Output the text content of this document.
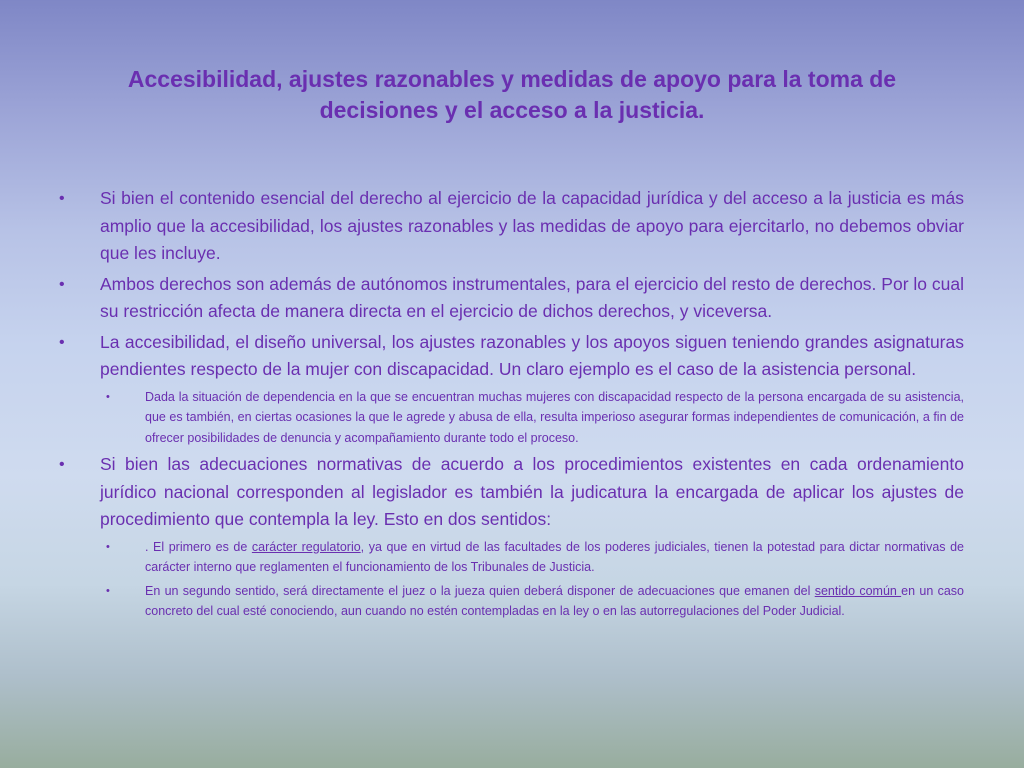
Accesibilidad, ajustes razonables y medidas de apoyo para la toma de decisiones y el acceso a la justicia.
• Si bien el contenido esencial del derecho al ejercicio de la capacidad jurídica y del acceso a la justicia es más amplio que la accesibilidad, los ajustes razonables y las medidas de apoyo para ejercitarlo, no debemos obviar que les incluye.
• Ambos derechos son además de autónomos instrumentales, para el ejercicio del resto de derechos. Por lo cual su restricción afecta de manera directa en el ejercicio de dichos derechos, y viceversa.
• La accesibilidad, el diseño universal, los ajustes razonables y los apoyos siguen teniendo grandes asignaturas pendientes respecto de la mujer con discapacidad. Un claro ejemplo es el caso de la asistencia personal.
•	Dada la situación de dependencia en la que se encuentran muchas mujeres con discapacidad respecto de la persona encargada de su asistencia, que es también, en ciertas ocasiones la que le agrede y abusa de ella, resulta imperioso asegurar formas independientes de comunicación, a fin de ofrecer posibilidades de denuncia y acompañamiento durante todo el proceso.
• Si bien las adecuaciones normativas de acuerdo a los procedimientos existentes en cada ordenamiento jurídico nacional corresponden al legislador es también la judicatura la encargada de aplicar los ajustes de procedimiento que contempla la ley. Esto en dos sentidos:
•	. El primero es de carácter regulatorio, ya que en virtud de las facultades de los poderes judiciales, tienen la potestad para dictar normativas de carácter interno que reglamenten el funcionamiento de los Tribunales de Justicia.
•	En un segundo sentido, será directamente el juez o la jueza quien deberá disponer de adecuaciones que emanen del sentido común en un caso concreto del cual esté conociendo, aun cuando no estén contempladas en la ley o en las autorregulaciones del Poder Judicial.
